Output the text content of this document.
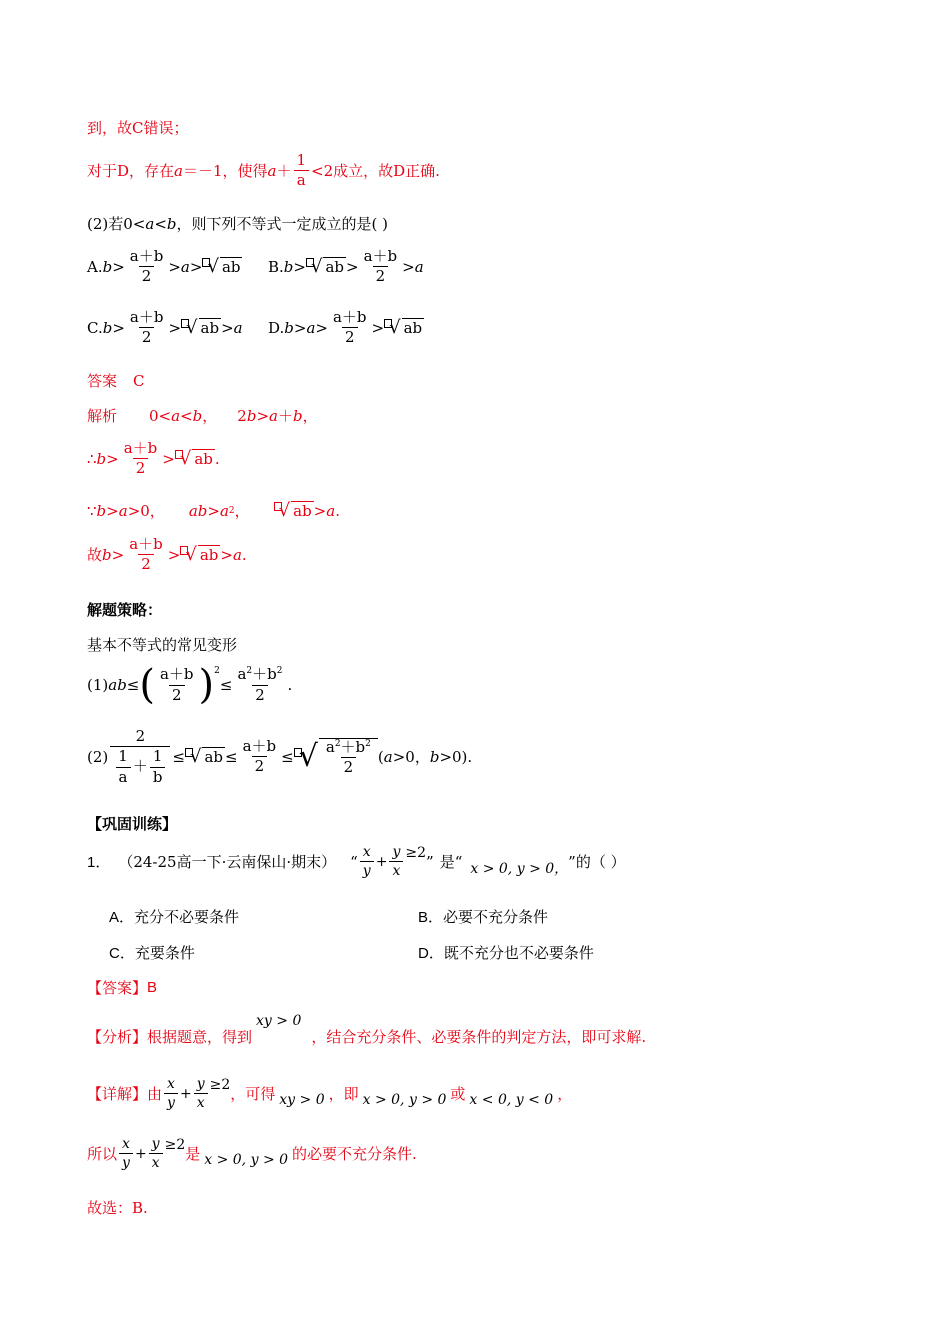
到，故C错误；
对于D，存在 a ＝－1，使得 $a + \frac{1}{a} <2$成立，故D正确.
(2)若0< a < b ，则下列不等式一定成立的是( )
A. $b > \frac{a+b}{2} > a$ > √ ab B. b > √ ab > $\frac{a+b}{2} > a$
C. $b > \frac{a+b}{2}$ > √ ab > a D. $b > a > \frac{a+b}{2}$ > √ ab
答案 C
解析 0< a < b ， 2 b > a ＋ b ，
∴ $b > \frac{a+b}{2}$ > √ ab .
∵ b > a >0， ab > a 2 ， √ ab > a .
故 $b > \frac{a+b}{2}$ > √ ab > a .
解题策略：
基本不等式的常见变形
(1) ab ≤ ( $\frac{a+b}{2} )^2$
≤ $\frac{a^2+b^2}{2}$ .
$(2) \frac{2}{\frac{1}{a} + \frac{1}{b}}$ ≤ √ ab ≤ $\frac{a+b}{2}$ ≤ √ $\frac{a^2+b^2}{2}$ ( a >0， b >0).
【巩固训练】
1． （24-25高一下·云南保山·期末） “ $\frac{x}{y} + \frac{y}{x} \ge 2$ ” 是 “ x > 0, y > 0， ” 的（ ）
A． 充分不必要条件	B． 必要不充分条件
C． 充要条件	D． 既不充分也不必要条件
【答案】 B
【分析】 根据题意，得到
xy > 0
，结合充分条件、必要条件的判定方法，即可求解.
【详解】 由 $\frac{x}{y} + \frac{y}{x} \ge 2$
，可得 xy > 0 ，即 x > 0, y > 0 或 x < 0, y < 0 ，
所以 $\frac{x}{y} + \frac{y}{x} \ge 2$
是 x > 0, y > 0 的必要不充分条件.
故选：B.
